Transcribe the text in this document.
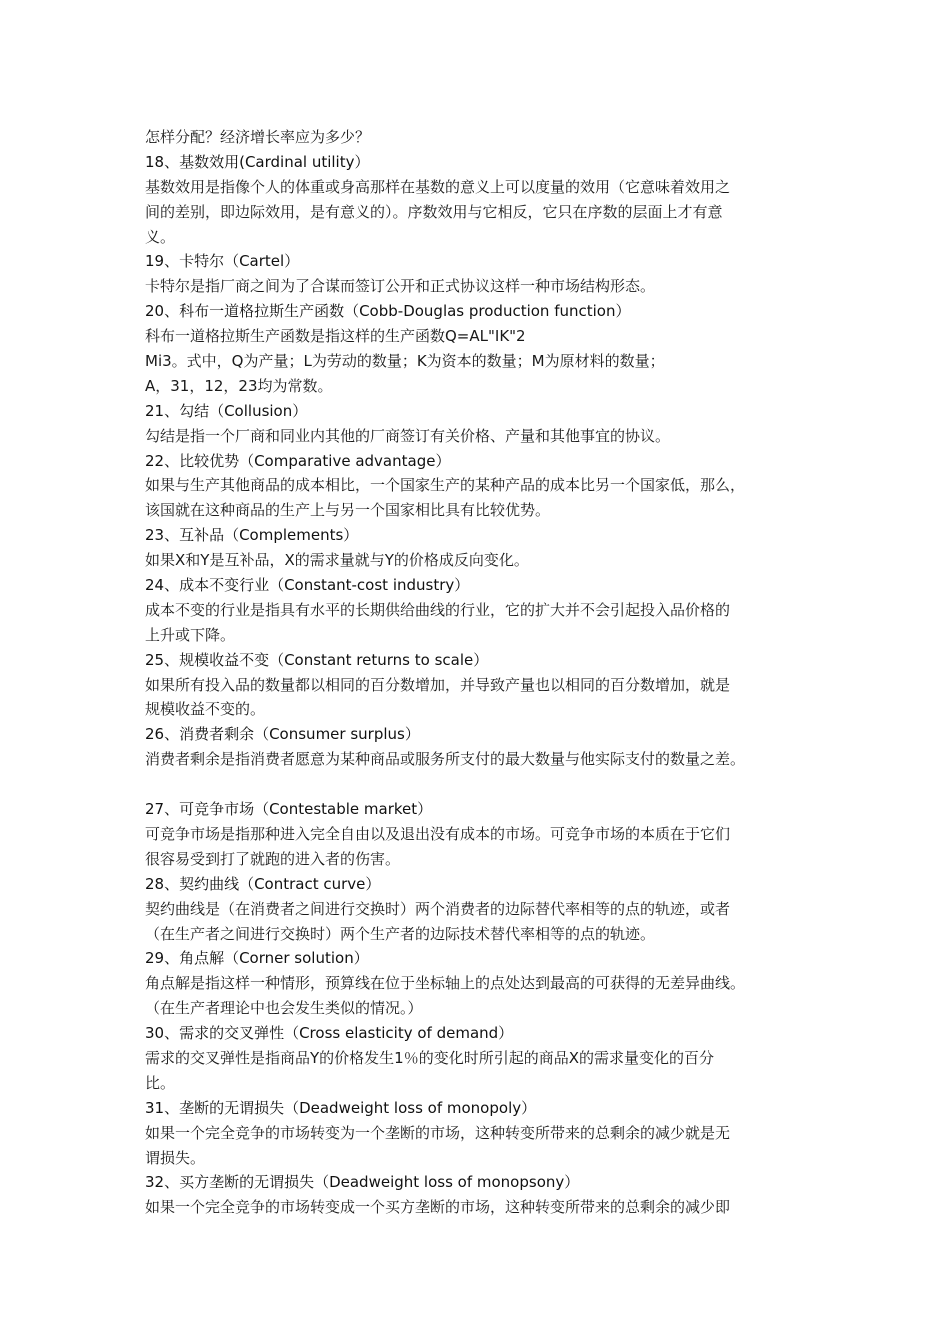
怎样分配？经济增长率应为多少？
18、基数效用(Cardinal utility）
基数效用是指像个人的体重或身高那样在基数的意义上可以度量的效用（它意味着效用之
间的差别，即边际效用，是有意义的）。序数效用与它相反，它只在序数的层面上才有意
义。
19、卡特尔（Cartel）
卡特尔是指厂商之间为了合谋而签订公开和正式协议这样一种市场结构形态。
20、科布一道格拉斯生产函数（Cobb-Douglas production function）
科布一道格拉斯生产函数是指这样的生产函数Q=AL"IK"2
Mi3。式中，Q为产量；L为劳动的数量；K为资本的数量；M为原材料的数量；
A，31，12，23均为常数。
21、勾结（Collusion）
勾结是指一个厂商和同业内其他的厂商签订有关价格、产量和其他事宜的协议。
22、比较优势（Comparative advantage）
如果与生产其他商品的成本相比，一个国家生产的某种产品的成本比另一个国家低，那么，
该国就在这种商品的生产上与另一个国家相比具有比较优势。
23、互补品（Complements）
如果X和Y是互补品，X的需求量就与Y的价格成反向变化。
24、成本不变行业（Constant-cost industry）
成本不变的行业是指具有水平的长期供给曲线的行业，它的扩大并不会引起投入品价格的
上升或下降。
25、规模收益不变（Constant returns to scale）
如果所有投入品的数量都以相同的百分数增加，并导致产量也以相同的百分数增加，就是
规模收益不变的。
26、消费者剩余（Consumer surplus）
消费者剩余是指消费者愿意为某种商品或服务所支付的最大数量与他实际支付的数量之差。
27、可竞争市场（Contestable market）
可竞争市场是指那种进入完全自由以及退出没有成本的市场。可竞争市场的本质在于它们
很容易受到打了就跑的进入者的伤害。
28、契约曲线（Contract curve）
契约曲线是（在消费者之间进行交换时）两个消费者的边际替代率相等的点的轨迹，或者
（在生产者之间进行交换时）两个生产者的边际技术替代率相等的点的轨迹。
29、角点解（Corner solution）
角点解是指这样一种情形，预算线在位于坐标轴上的点处达到最高的可获得的无差异曲线。
（在生产者理论中也会发生类似的情况。）
30、需求的交叉弹性（Cross elasticity of demand）
需求的交叉弹性是指商品Y的价格发生1％的变化时所引起的商品X的需求量变化的百分
比。
31、垄断的无谓损失（Deadweight loss of monopoly）
如果一个完全竞争的市场转变为一个垄断的市场，这种转变所带来的总剩余的减少就是无
谓损失。
32、买方垄断的无谓损失（Deadweight loss of monopsony）
如果一个完全竞争的市场转变成一个买方垄断的市场，这种转变所带来的总剩余的减少即
